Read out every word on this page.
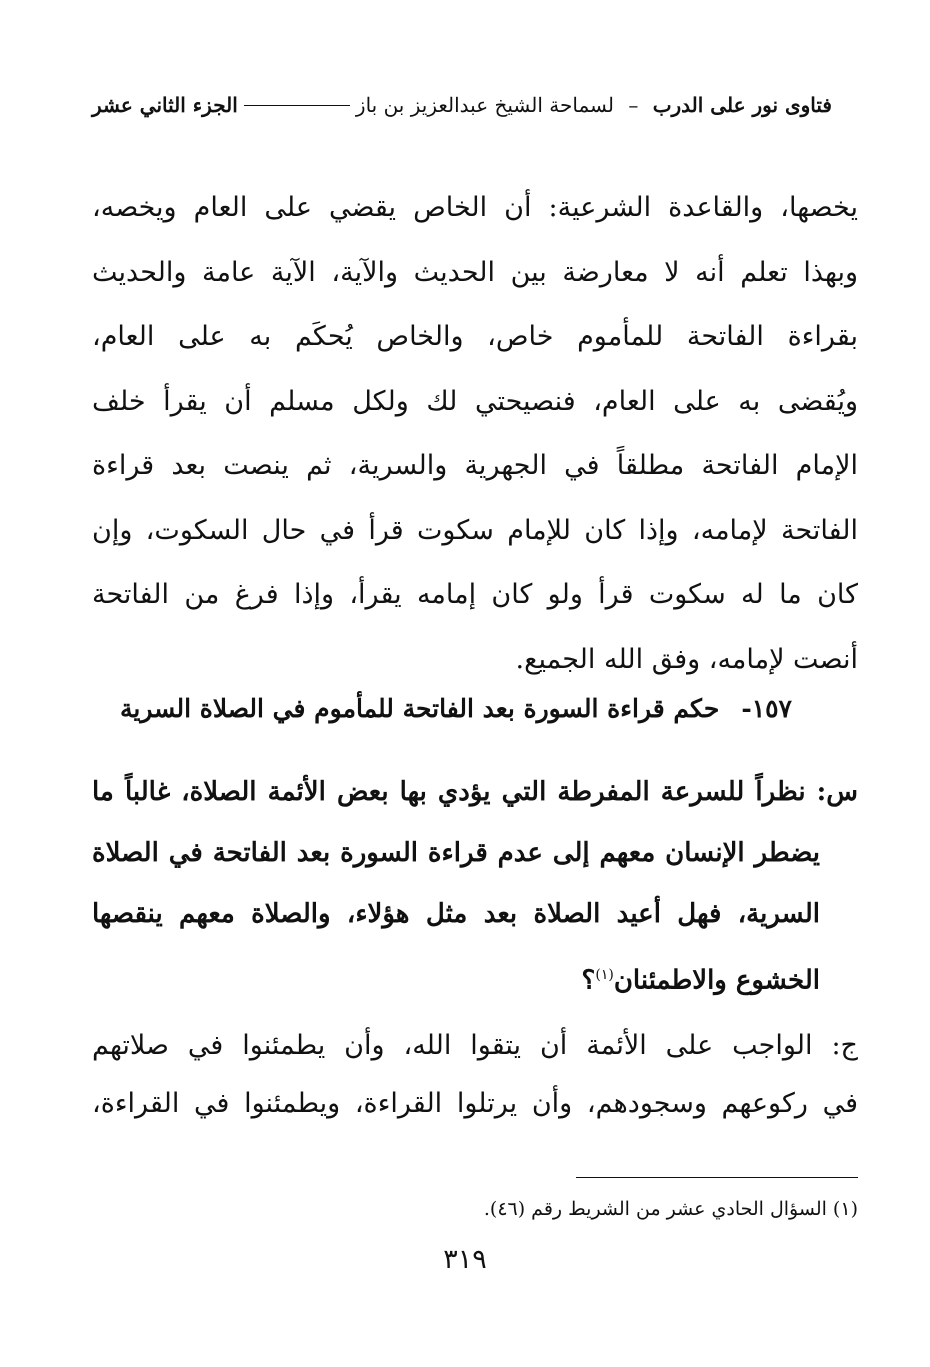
فتاوى نور على الدرب – لسماحة الشيخ عبدالعزيز بن باز
الجزء الثاني عشر
يخصها، والقاعدة الشرعية: أن الخاص يقضي على العام ويخصه،
وبهذا تعلم أنه لا معارضة بين الحديث والآية، الآية عامة والحديث
بقراءة الفاتحة للمأموم خاص، والخاص يُحكَم به على العام،
ويُقضى به على العام، فنصيحتي لك ولكل مسلم أن يقرأ خلف
الإمام الفاتحة مطلقاً في الجهرية والسرية، ثم ينصت بعد قراءة
الفاتحة لإمامه، وإذا كان للإمام سكوت قرأ في حال السكوت، وإن
كان ما له سكوت قرأ ولو كان إمامه يقرأ، وإذا فرغ من الفاتحة
أنصت لإمامه، وفق الله الجميع.
١٥٧-حكم قراءة السورة بعد الفاتحة للمأموم في الصلاة السرية
س: نظراً للسرعة المفرطة التي يؤدي بها بعض الأئمة الصلاة، غالباً ما
يضطر الإنسان معهم إلى عدم قراءة السورة بعد الفاتحة في الصلاة
السرية، فهل أعيد الصلاة بعد مثل هؤلاء، والصلاة معهم ينقصها
الخشوع والاطمئنان$^{(١)}$؟
ج: الواجب على الأئمة أن يتقوا الله، وأن يطمئنوا في صلاتهم
في ركوعهم وسجودهم، وأن يرتلوا القراءة، ويطمئنوا في القراءة،
(١) السؤال الحادي عشر من الشريط رقم (٤٦).
٣١٩
